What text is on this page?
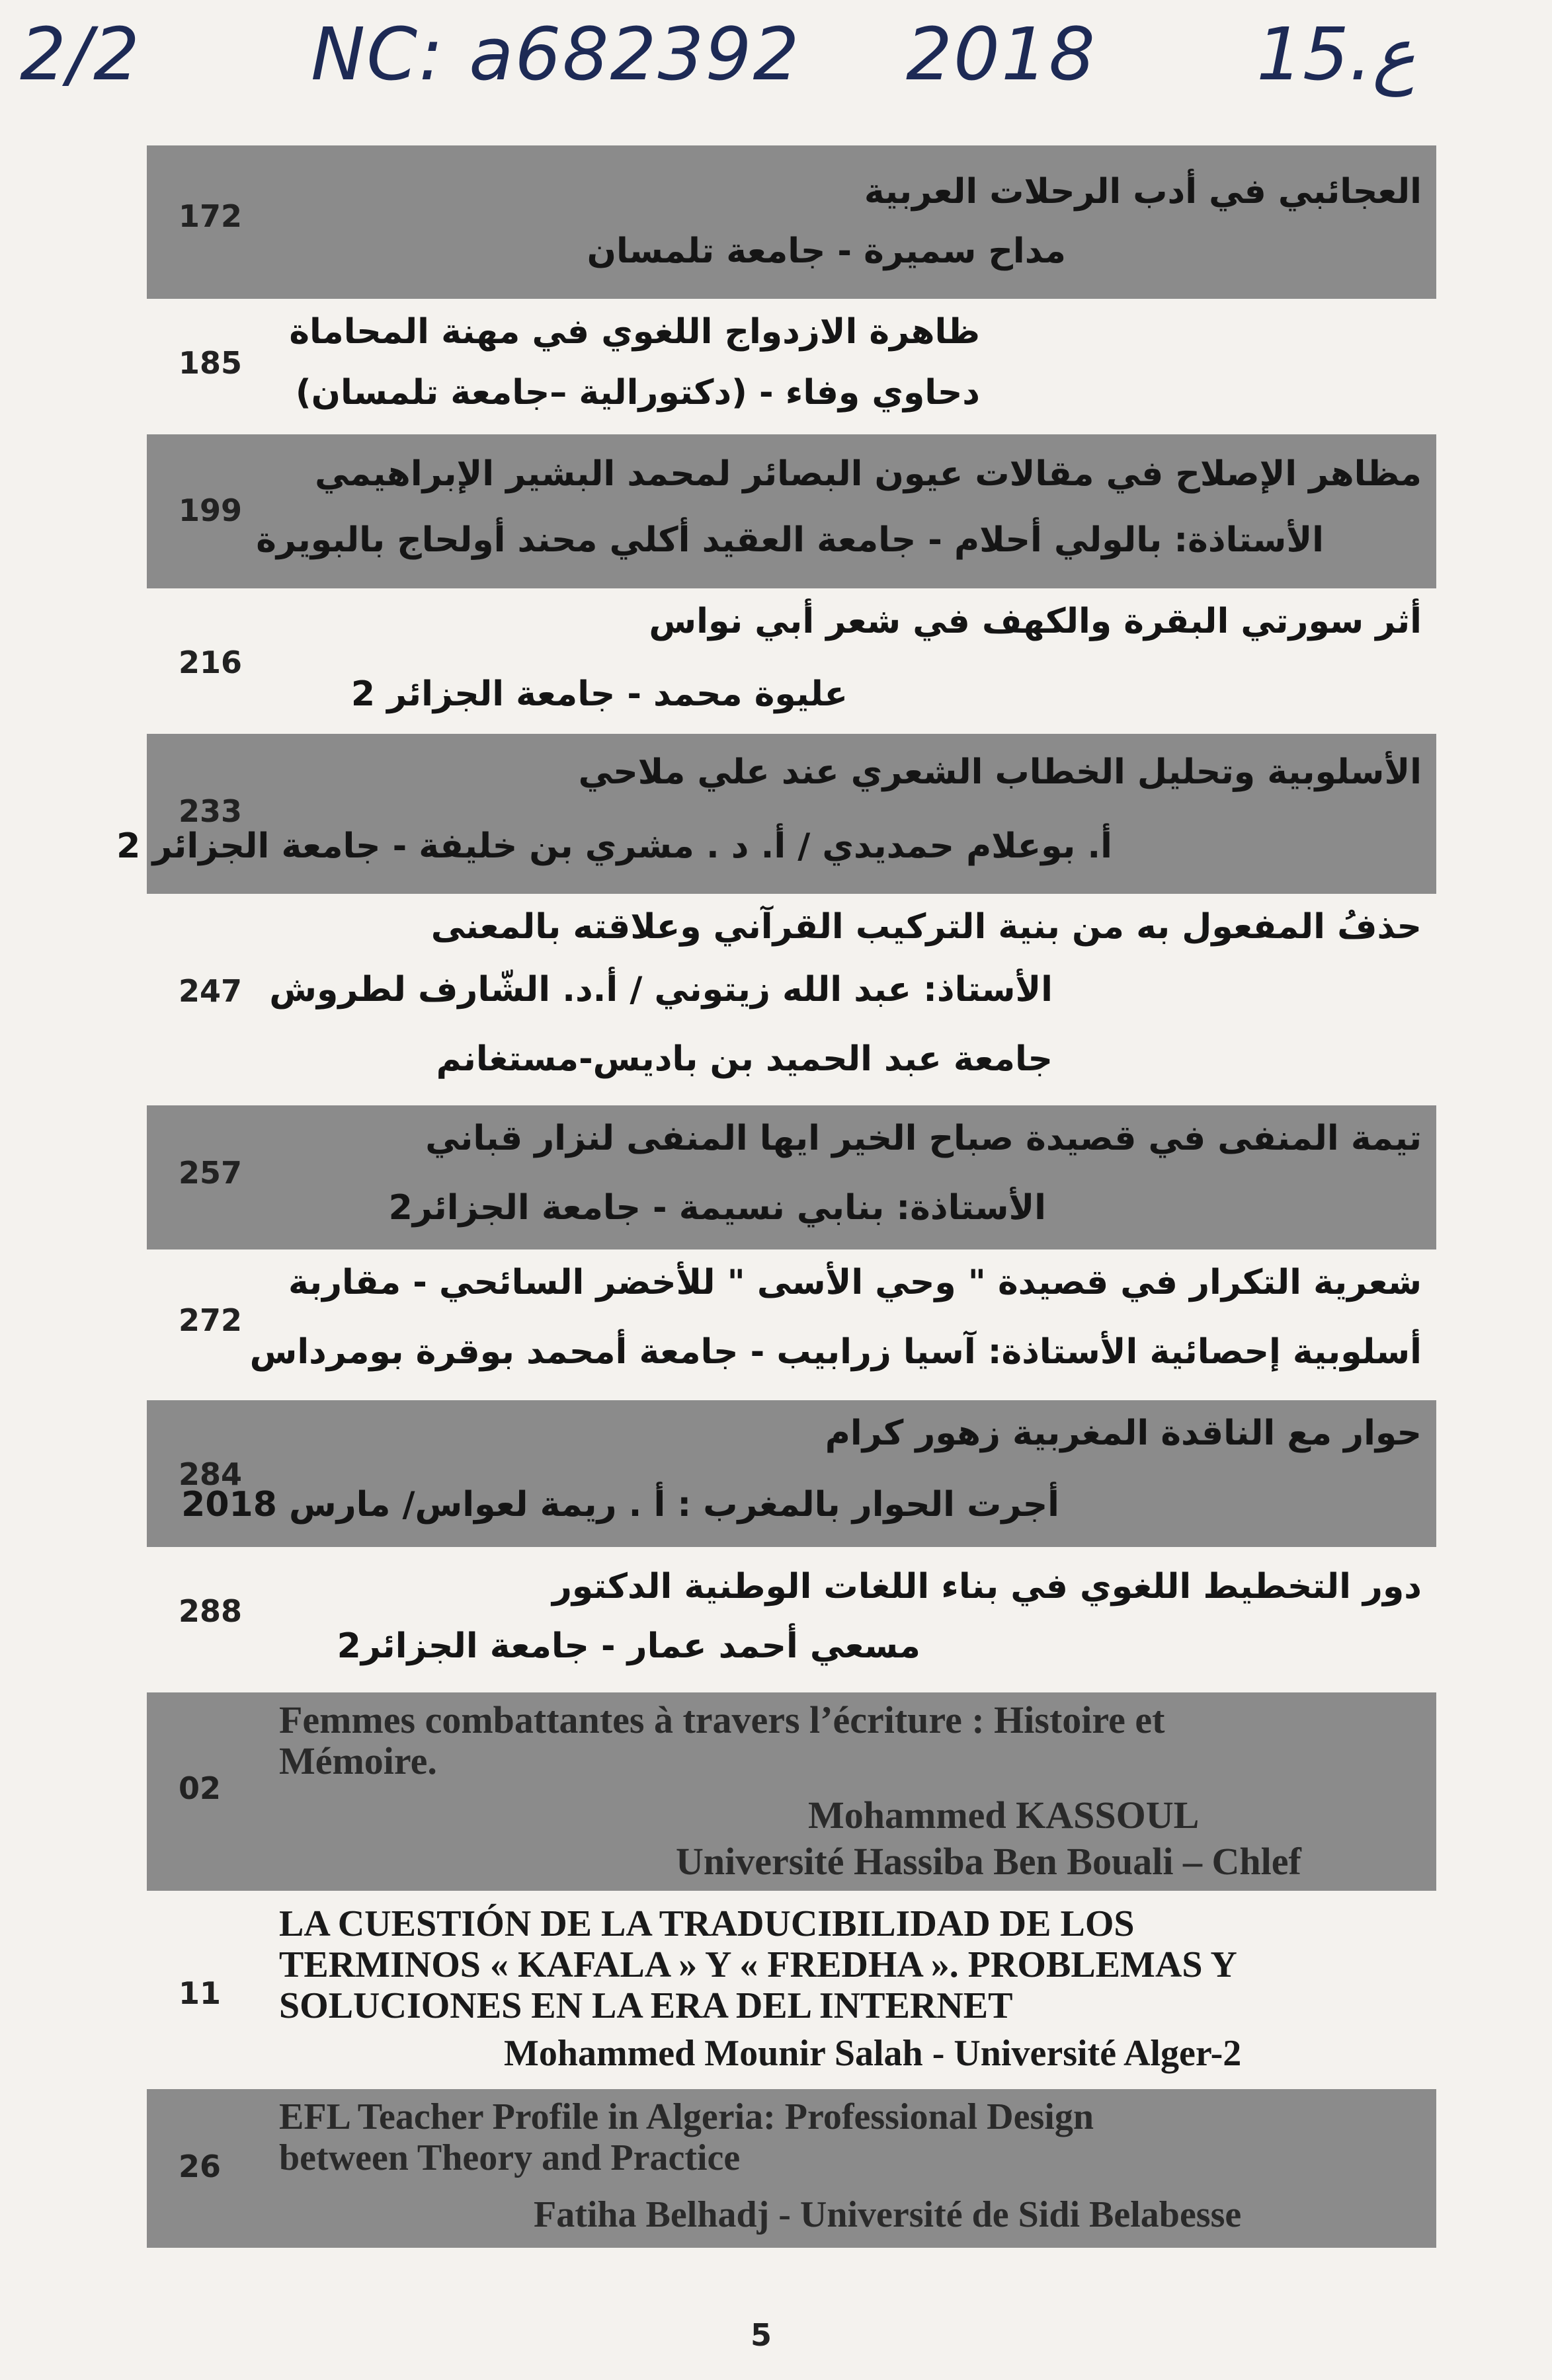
2/2 NC: a682392 2018 15.ع
172
العجائبي في أدب الرحلات العربية
مداح سميرة - جامعة تلمسان
185
ظاهرة الازدواج اللغوي في مهنة المحاماة
دحاوي وفاء - (دكتورالية –جامعة تلمسان)
199
مظاهر الإصلاح في مقالات عيون البصائر لمحمد البشير الإبراهيمي
الأستاذة: بالولي أحلام - جامعة العقيد أكلي محند أولحاج بالبويرة
216
أثر سورتي البقرة والكهف في شعر أبي نواس
عليوة محمد - جامعة الجزائر 2
233
الأسلوبية وتحليل الخطاب الشعري عند علي ملاحي
أ. بوعلام حمديدي / أ. د . مشري بن خليفة - جامعة الجزائر 2
247
حذفُ المفعول به من بنية التركيب القرآني وعلاقته بالمعنى
الأستاذ: عبد الله زيتوني / أ.د. الشّارف لطروش
جامعة عبد الحميد بن باديس-مستغانم
257
تيمة المنفى في قصيدة صباح الخير ايها المنفى لنزار قباني
الأستاذة: بنابي نسيمة - جامعة الجزائر2
272
شعرية التكرار في قصيدة " وحي الأسى " للأخضر السائحي - مقاربة
أسلوبية إحصائية الأستاذة: آسيا زرابيب - جامعة أمحمد بوقرة بومرداس
284
حوار مع الناقدة المغربية زهور كرام
أجرت الحوار بالمغرب : أ . ريمة لعواس/ مارس 2018
288
دور التخطيط اللغوي في بناء اللغات الوطنية الدكتور
مسعي أحمد عمار - جامعة الجزائر2
02
Femmes combattantes à travers l’écriture : Histoire et
Mémoire.
Mohammed KASSOUL
Université Hassiba Ben Bouali – Chlef
11
LA CUESTIÓN DE LA TRADUCIBILIDAD DE LOS
TERMINOS « KAFALA » Y « FREDHA ». PROBLEMAS Y
SOLUCIONES EN LA ERA DEL INTERNET
Mohammed Mounir Salah - Université Alger-2
26
EFL Teacher Profile in Algeria: Professional Design
between Theory and Practice
Fatiha Belhadj - Université de Sidi Belabesse
5
